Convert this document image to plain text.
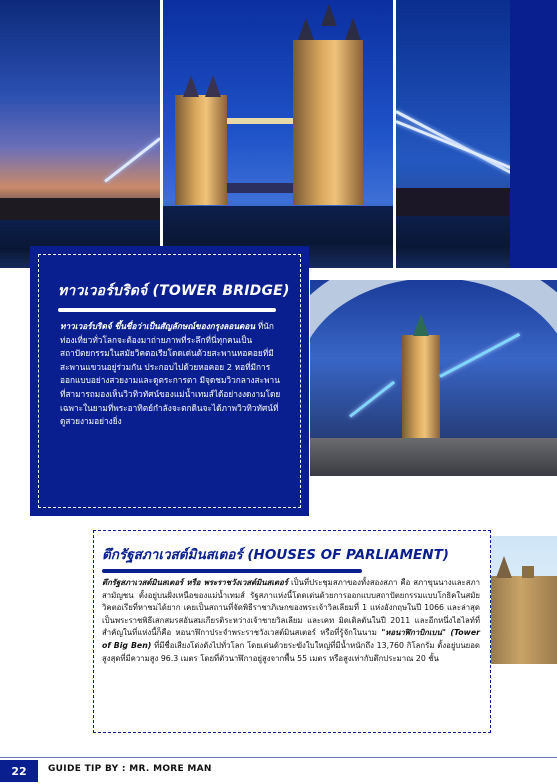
ทาวเวอร์บริดจ์ (TOWER BRIDGE)
ทาวเวอร์บริดจ์ ขึ้นชื่อว่าเป็นสัญลักษณ์ของกรุงลอนดอน ที่นักท่องเที่ยวทั่วโลกจะต้องมาถ่ายภาพที่ระลึกที่นี่ทุกคนเป็นสถาปัตยกรรมในสมัยวิคตอเรียโดดเด่นด้วยสะพานหอคอยที่มีสะพานแขวนอยู่ร่วมกัน ประกอบไปด้วยหอคอย 2 หอที่มีการออกแบบอย่างสวยงามและดูตระการตา มีจุดชมวิวกลางสะพานที่สามารถมองเห็นวิวทิวทัศน์ของแม่น้ำเทมส์ได้อย่างงดงามโดยเฉพาะในยามที่พระอาทิตย์กำลังจะตกดินจะได้ภาพวิวทิวทัศน์ที่ดูสวยงามอย่างยิ่ง
ตึกรัฐสภาเวสต์มินสเตอร์ (HOUSES OF PARLIAMENT)
ตึกรัฐสภาเวสต์มินสเตอร์ หรือ พระราชวังเวสต์มินสเตอร์ เป็นที่ประชุมสภาของทั้งสองสภา คือ สภาขุนนางและสภาสามัญชน ตั้งอยู่บนฝั่งเหนือของแม่น้ำเทมส์ รัฐสภาแห่งนี้โดดเด่นด้วยการออกแบบสถาปัตยกรรมแบบโกธิคในสมัยวิคตอเรียที่หาชมได้ยาก เคยเป็นสถานที่จัดพิธีราชาภิเษกของพระเจ้าวิลเลียมที่ 1 แห่งอังกฤษในปี 1066 และล่าสุดเป็นพระราชพิธีเสกสมรสอันสมเกียรติระหว่างเจ้าชายวิลเลียม และเคท มิดเดิลตันในปี 2011 และอีกหนึ่งไฮไลท์ที่สำคัญในที่แห่งนี้ก็คือ หอนาฬิกาประจำพระราชวังเวสต์มินสเตอร์ หรือที่รู้จักในนาม "หอนาฬิกาบิกเบน" (Tower of Big Ben) ที่มีชื่อเสียงโด่งดังไปทั่วโลก โดยเด่นด้วยระฆังใบใหญ่ที่มีน้ำหนักถึง 13,760 กิโลกรัม ตั้งอยู่บนยอดสูงสุดที่มีความสูง 96.3 เมตร โดยที่ตัวนาฬิกาอยู่สูงจากพื้น 55 เมตร หรือสูงเท่ากับตึกประมาณ 20 ชั้น
22	GUIDE TIP BY : MR. MORE MAN
